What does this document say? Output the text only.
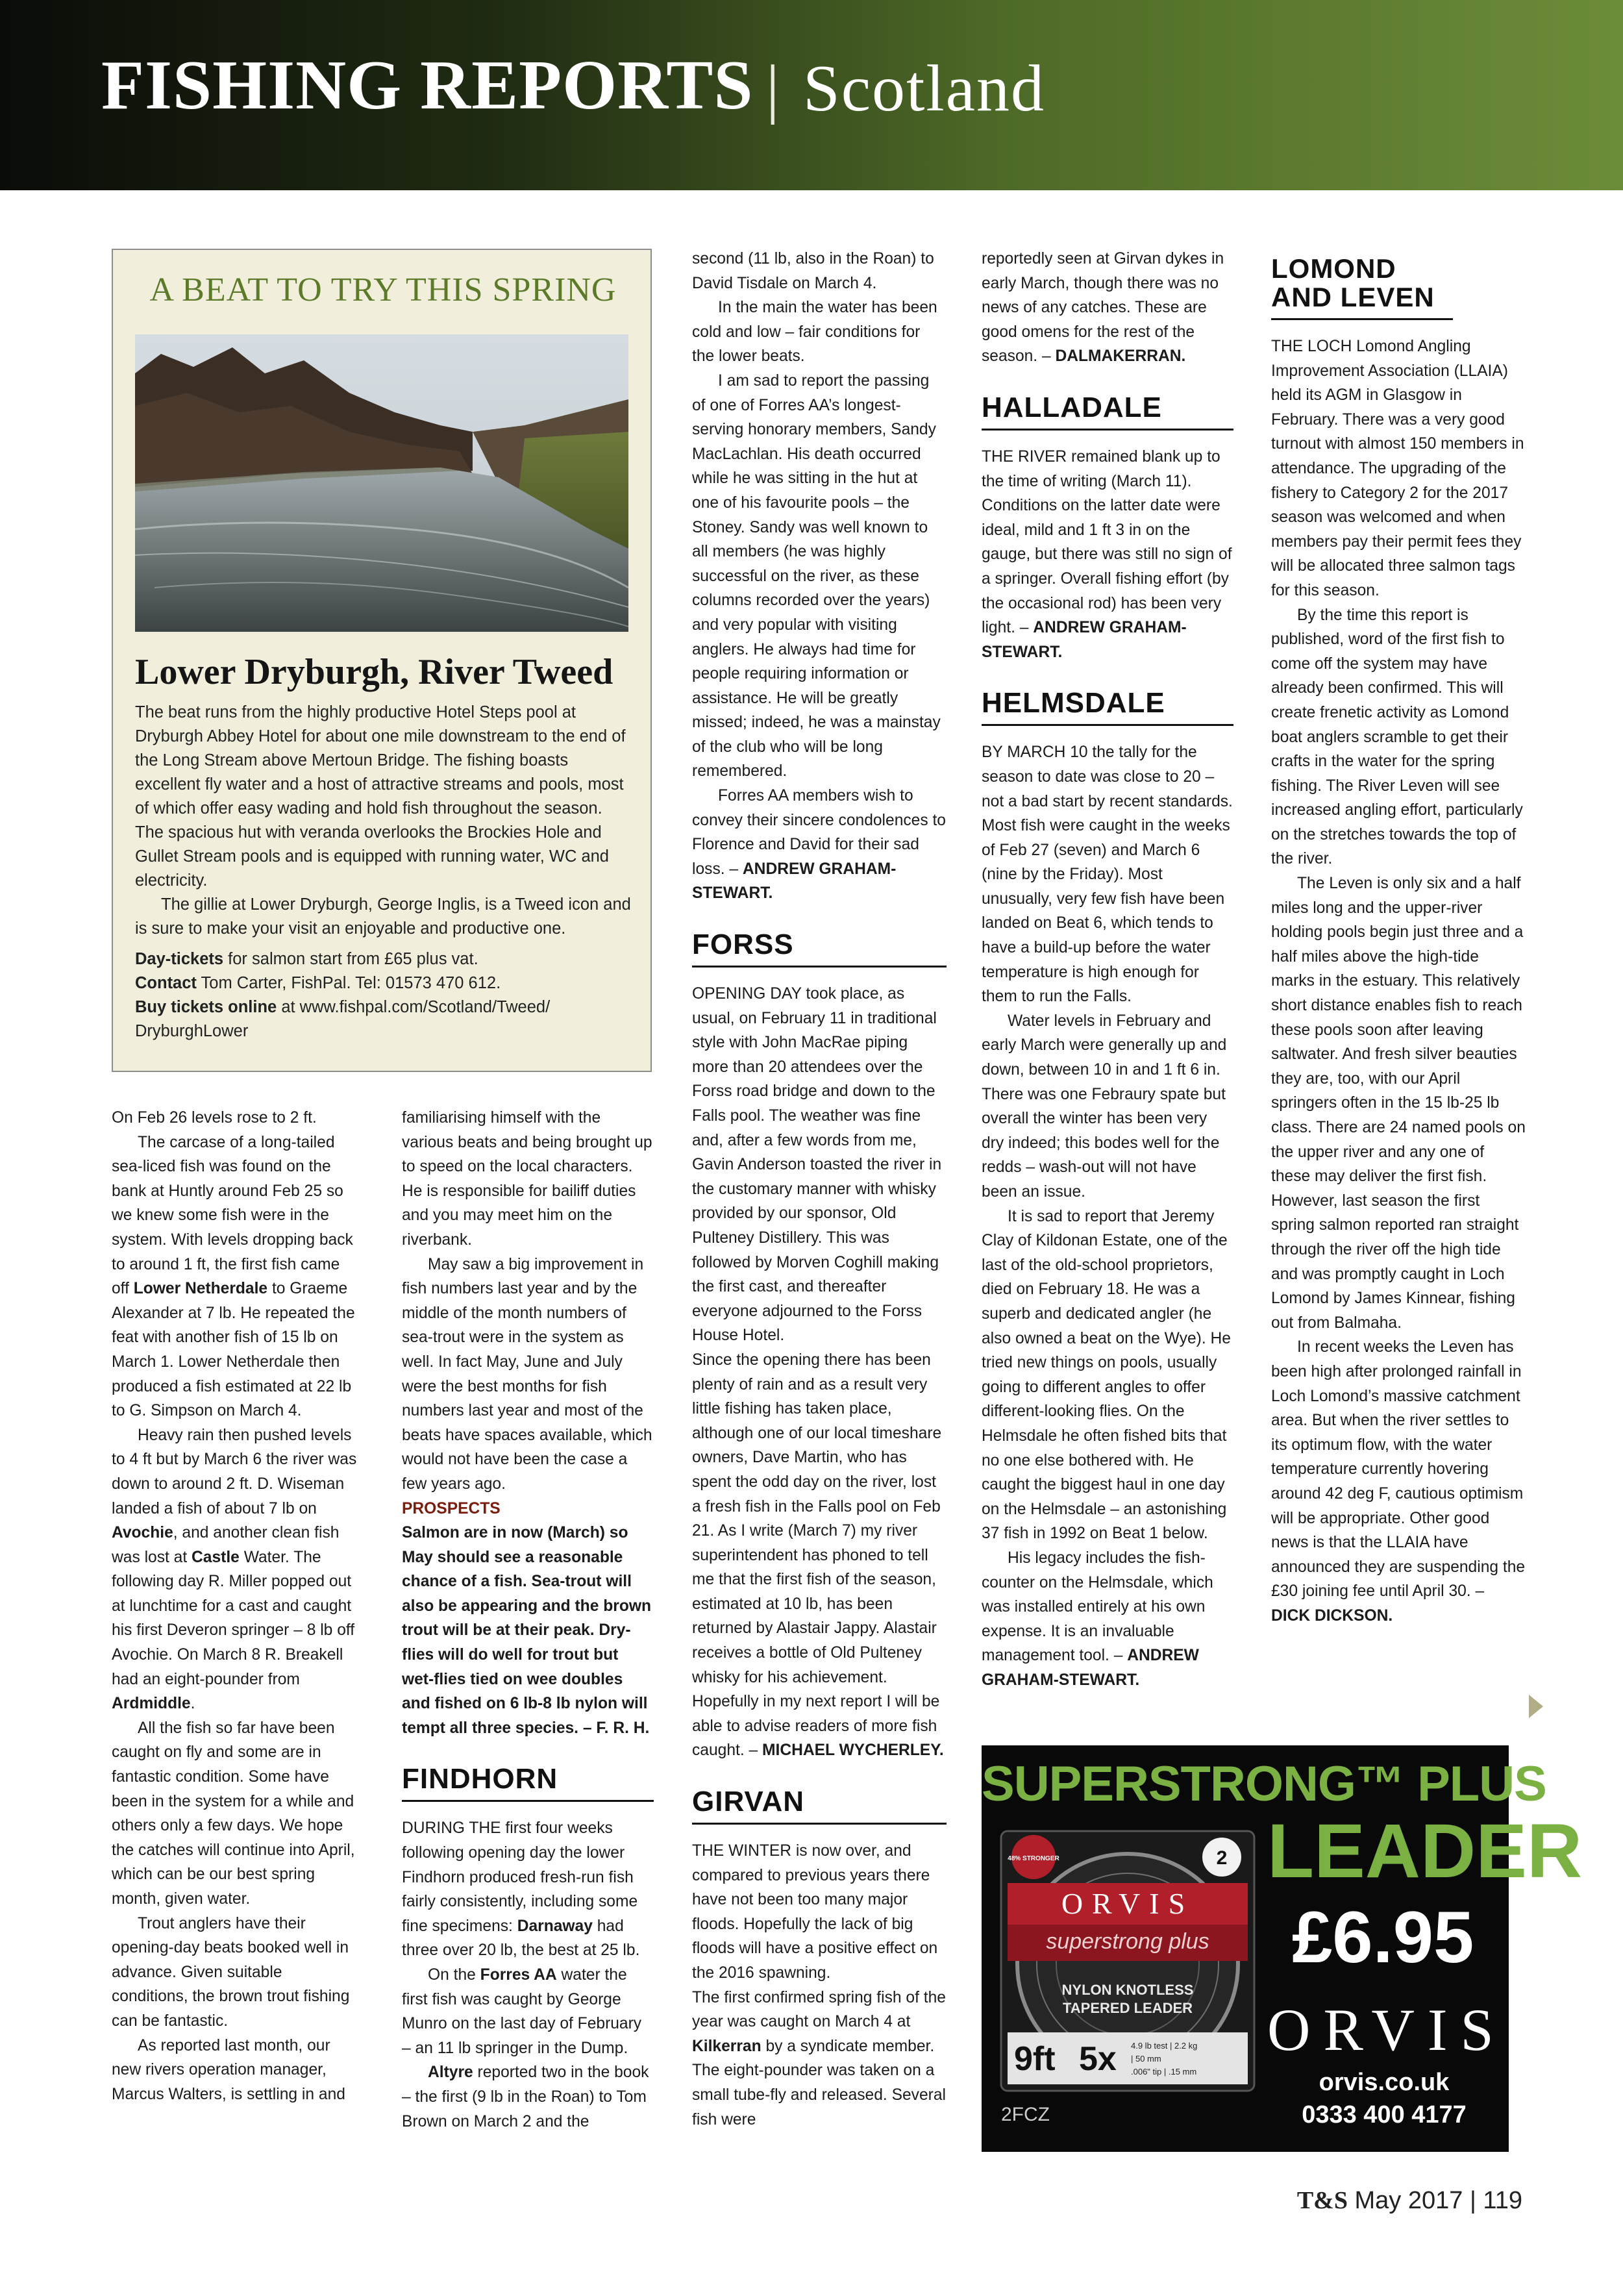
FISHING REPORTS | Scotland
A BEAT TO TRY THIS SPRING
Lower Dryburgh, River Tweed

The beat runs from the highly productive Hotel Steps pool at Dryburgh Abbey Hotel for about one mile downstream to the end of the Long Stream above Mertoun Bridge. The fishing boasts excellent fly water and a host of attractive streams and pools, most of which offer easy wading and hold fish throughout the season. The spacious hut with veranda overlooks the Brockies Hole and Gullet Stream pools and is equipped with running water, WC and electricity.

The gillie at Lower Dryburgh, George Inglis, is a Tweed icon and is sure to make your visit an enjoyable and productive one.

Day-tickets for salmon start from £65 plus vat.

Contact Tom Carter, FishPal. Tel: 01573 470 612.

Buy tickets online at www.fishpal.com/Scotland/Tweed/ DryburghLower

On Feb 26 levels rose to 2 ft.

The carcase of a long-tailed sea-liced fish was found on the bank at Huntly around Feb 25 so we knew some fish were in the system. With levels dropping back to around 1 ft, the first fish came off Lower Netherdale to Graeme Alexander at 7 lb. He repeated the feat with another fish of 15 lb on March 1. Lower Netherdale then produced a fish estimated at 22 lb to G. Simpson on March 4.

Heavy rain then pushed levels to 4 ft but by March 6 the river was down to around 2 ft. D. Wiseman landed a fish of about 7 lb on Avochie, and another clean fish was lost at Castle Water. The following day R. Miller popped out at lunchtime for a cast and caught his first Deveron springer – 8 lb off Avochie. On March 8 R. Breakell had an eight-pounder from Ardmiddle.

All the fish so far have been caught on fly and some are in fantastic condition. Some have been in the system for a while and others only a few days. We hope the catches will continue into April, which can be our best spring month, given water.

Trout anglers have their opening-day beats booked well in advance. Given suitable conditions, the brown trout fishing can be fantastic.

As reported last month, our new rivers operation manager, Marcus Walters, is settling in and

familiarising himself with the various beats and being brought up to speed on the local characters. He is responsible for bailiff duties and you may meet him on the riverbank.

May saw a big improvement in fish numbers last year and by the middle of the month numbers of sea-trout were in the system as well. In fact May, June and July were the best months for fish numbers last year and most of the beats have spaces available, which would not have been the case a few years ago.

PROSPECTS

Salmon are in now (March) so May should see a reasonable chance of a fish. Sea-trout will also be appearing and the brown trout will be at their peak. Dry-flies will do well for trout but wet-flies tied on wee doubles and fished on 6 lb-8 lb nylon will tempt all three species. – F. R. H.

FINDHORN

DURING THE first four weeks following opening day the lower Findhorn produced fresh-run fish fairly consistently, including some fine specimens: Darnaway had three over 20 lb, the best at 25 lb.

On the Forres AA water the first fish was caught by George Munro on the last day of February – an 11 lb springer in the Dump.

Altyre reported two in the book – the first (9 lb in the Roan) to Tom Brown on March 2 and the

second (11 lb, also in the Roan) to David Tisdale on March 4.

In the main the water has been cold and low – fair conditions for the lower beats.

I am sad to report the passing of one of Forres AA’s longest-serving honorary members, Sandy MacLachlan. His death occurred while he was sitting in the hut at one of his favourite pools – the Stoney. Sandy was well known to all members (he was highly successful on the river, as these columns recorded over the years) and very popular with visiting anglers. He always had time for people requiring information or assistance. He will be greatly missed; indeed, he was a mainstay of the club who will be long remembered.

Forres AA members wish to convey their sincere condolences to Florence and David for their sad loss. – ANDREW GRAHAM-STEWART.

FORSS

OPENING DAY took place, as usual, on February 11 in traditional style with John MacRae piping more than 20 attendees over the Forss road bridge and down to the Falls pool. The weather was fine and, after a few words from me, Gavin Anderson toasted the river in the customary manner with whisky provided by our sponsor, Old Pulteney Distillery. This was followed by Morven Coghill making the first cast, and thereafter everyone adjourned to the Forss House Hotel.

Since the opening there has been plenty of rain and as a result very little fishing has taken place, although one of our local timeshare owners, Dave Martin, who has spent the odd day on the river, lost a fresh fish in the Falls pool on Feb 21. As I write (March 7) my river superintendent has phoned to tell me that the first fish of the season, estimated at 10 lb, has been returned by Alastair Jappy. Alastair receives a bottle of Old Pulteney whisky for his achievement. Hopefully in my next report I will be able to advise readers of more fish caught. – MICHAEL WYCHERLEY.

GIRVAN

THE WINTER is now over, and compared to previous years there have not been too many major floods. Hopefully the lack of big floods will have a positive effect on the 2016 spawning.

The first confirmed spring fish of the year was caught on March 4 at Kilkerran by a syndicate member. The eight-pounder was taken on a small tube-fly and released. Several fish were

reportedly seen at Girvan dykes in early March, though there was no news of any catches. These are good omens for the rest of the season. – DALMAKERRAN.

HALLADALE

THE RIVER remained blank up to the time of writing (March 11). Conditions on the latter date were ideal, mild and 1 ft 3 in on the gauge, but there was still no sign of a springer. Overall fishing effort (by the occasional rod) has been very light. – ANDREW GRAHAM-STEWART.

HELMSDALE

BY MARCH 10 the tally for the season to date was close to 20 – not a bad start by recent standards. Most fish were caught in the weeks of Feb 27 (seven) and March 6 (nine by the Friday). Most unusually, very few fish have been landed on Beat 6, which tends to have a build-up before the water temperature is high enough for them to run the Falls.

Water levels in February and early March were generally up and down, between 10 in and 1 ft 6 in. There was one Febraury spate but overall the winter has been very dry indeed; this bodes well for the redds – wash-out will not have been an issue.

It is sad to report that Jeremy Clay of Kildonan Estate, one of the last of the old-school proprietors, died on February 18. He was a superb and dedicated angler (he also owned a beat on the Wye). He tried new things on pools, usually going to different angles to offer different-looking flies. On the Helmsdale he often fished bits that no one else bothered with. He caught the biggest haul in one day on the Helmsdale – an astonishing 37 fish in 1992 on Beat 1 below.

His legacy includes the fish-counter on the Helmsdale, which was installed entirely at his own expense. It is an invaluable management tool. – ANDREW GRAHAM-STEWART.

LOMOND AND LEVEN

THE LOCH Lomond Angling Improvement Association (LLAIA) held its AGM in Glasgow in February. There was a very good turnout with almost 150 members in attendance. The upgrading of the fishery to Category 2 for the 2017 season was welcomed and when members pay their permit fees they will be allocated three salmon tags for this season.

By the time this report is published, word of the first fish to come off the system may have already been confirmed. This will create frenetic activity as Lomond boat anglers scramble to get their crafts in the water for the spring fishing. The River Leven will see increased angling effort, particularly on the stretches towards the top of the river.

The Leven is only six and a half miles long and the upper-river holding pools begin just three and a half miles above the high-tide marks in the estuary. This relatively short distance enables fish to reach these pools soon after leaving saltwater. And fresh silver beauties they are, too, with our April springers often in the 15 lb-25 lb class. There are 24 named pools on the upper river and any one of these may deliver the first fish. However, last season the first spring salmon reported ran straight through the river off the high tide and was promptly caught in Loch Lomond by James Kinnear, fishing out from Balmaha.

In recent weeks the Leven has been high after prolonged rainfall in Loch Lomond’s massive catchment area. But when the river settles to its optimum flow, with the water temperature currently hovering around 42 deg F, cautious optimism will be appropriate. Other good news is that the LLAIA have announced they are suspending the £30 joining fee until April 30. – DICK DICKSON.

SUPERSTRONG™ PLUS
LEADER
ORVIS
superstrong plus
48% STRONGER	2
NYLON KNOTLESS
TAPERED LEADER
9ft 5x 4.9 lb test | 2.2 kg
| 50 mm
.006" tip | .15 mm
£6.95
ORVIS
orvis.co.uk
0333 400 4177
2FCZ
T&S May 2017 | 119
